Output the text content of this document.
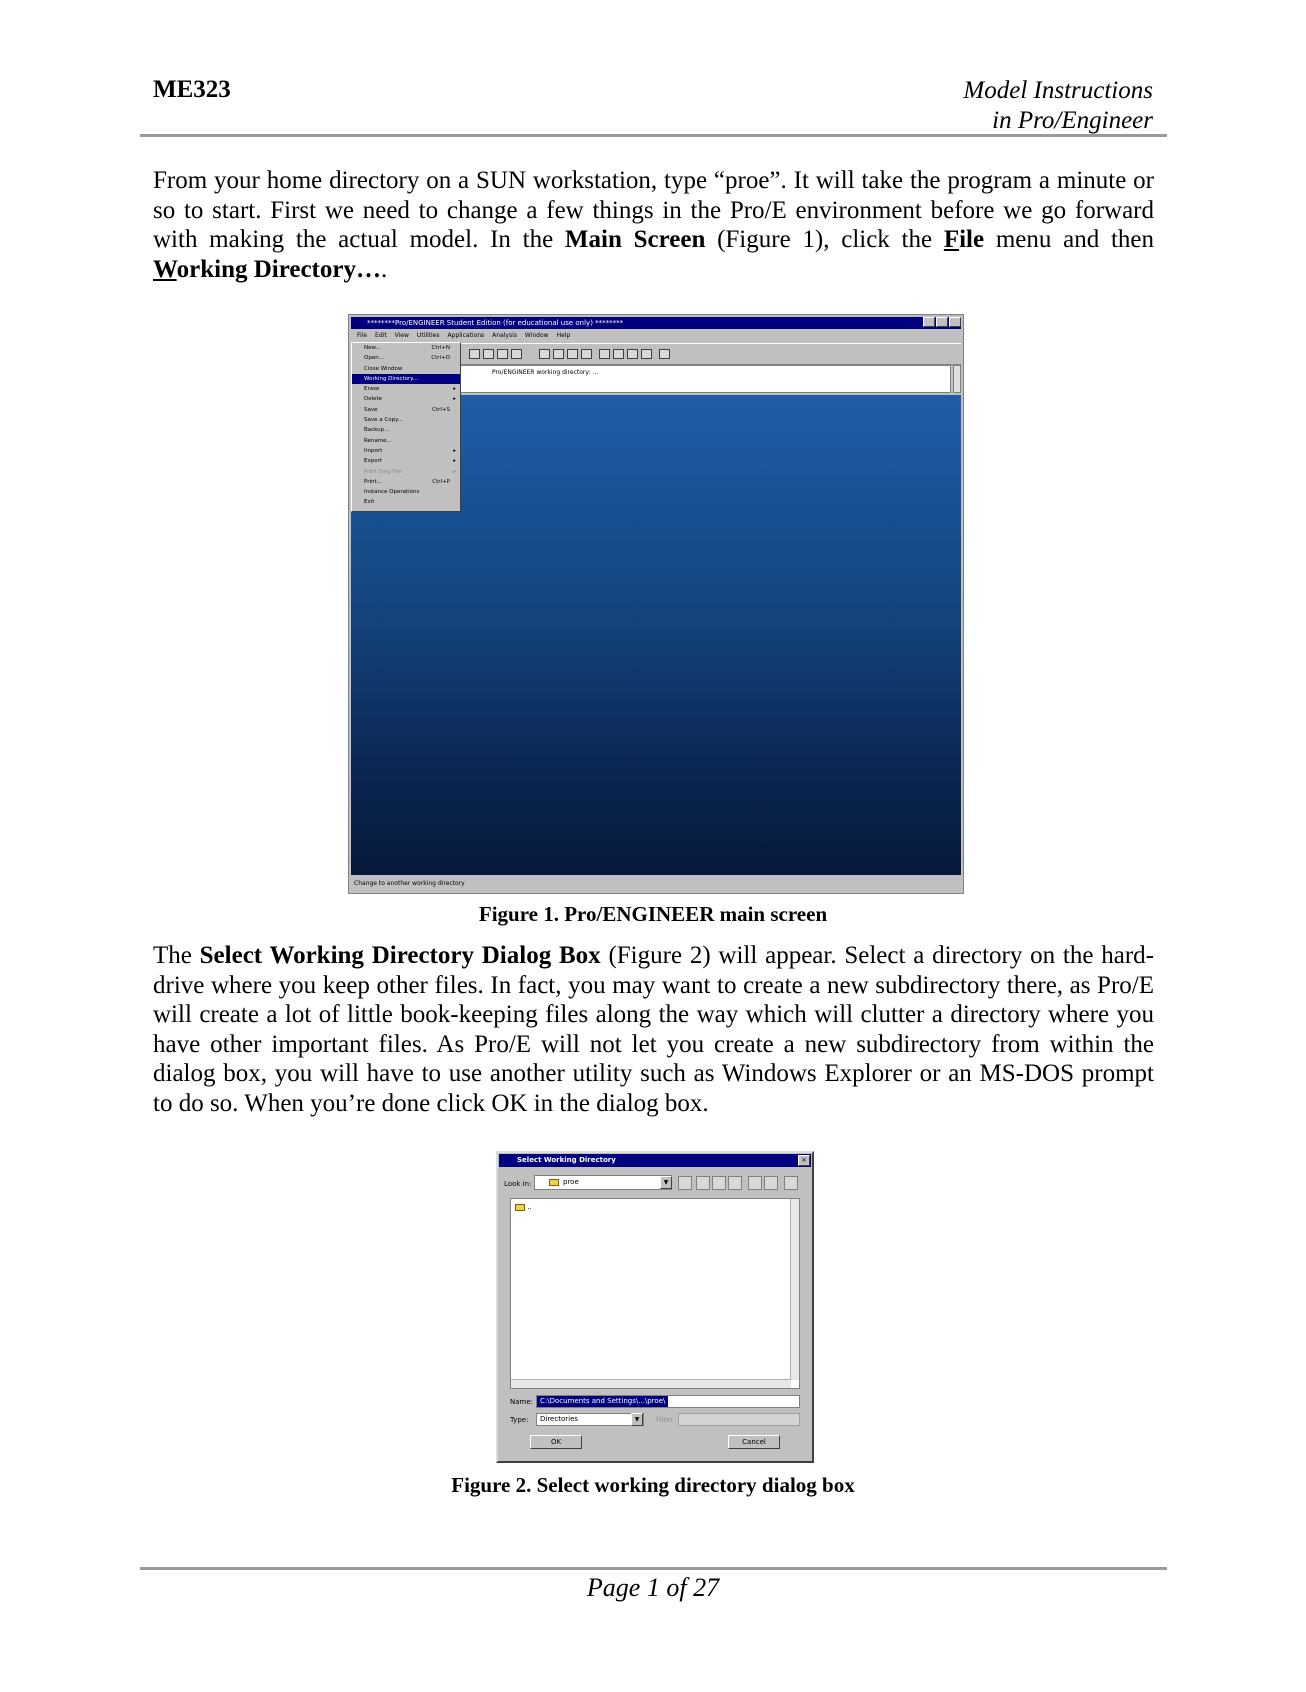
ME323	Model Instructions
in Pro/Engineer
From your home directory on a SUN workstation, type “proe”. It will take the program a minute or so to start. First we need to change a few things in the Pro/E environment before we go forward with making the actual model. In the Main Screen (Figure 1), click the File menu and then Working Directory….
********Pro/ENGINEER Student Edition (for educational use only) ********
File Edit View Utilities Applications Analysis Window Help
Pro/ENGINEER working directory: ...
Change to another working directory
New...	Ctrl+N
Open...	Ctrl+O
Close Window
Working Directory...
Erase	▸
Delete	▸
Save	Ctrl+S
Save a Copy...
Backup...
Rename...
Import	▸
Export	▸
Print Dwg File	▸
Print...	Ctrl+P
Instance Operations
Exit
Figure 1. Pro/ENGINEER main screen
The Select Working Directory Dialog Box (Figure 2) will appear. Select a directory on the hard-drive where you keep other files. In fact, you may want to create a new subdirectory there, as Pro/E will create a lot of little book-keeping files along the way which will clutter a directory where you have other important files. As Pro/E will not let you create a new subdirectory from within the dialog box, you will have to use another utility such as Windows Explorer or an MS-DOS prompt to do so. When you’re done click OK in the dialog box.
Select Working Directory	×
Look in:	proe	▼
..
Name: C:\Documents and Settings\...\proe\
Type:	Directories	▼	Filter:
OK	Cancel
Figure 2. Select working directory dialog box
Page 1 of 27
